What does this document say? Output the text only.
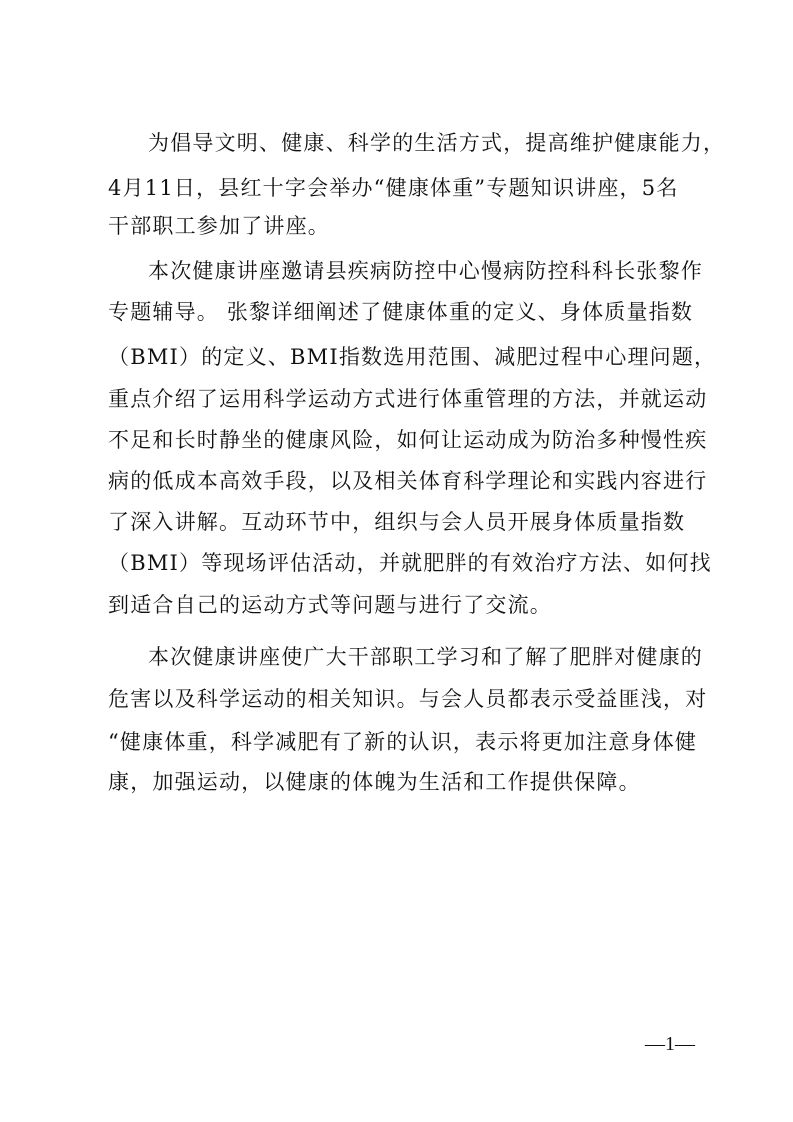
为倡导文明、健康、科学的生活方式，提高维护健康能力，

4月11日，县红十字会举办“健康体重”专题知识讲座，5名

干部职工参加了讲座。

本次健康讲座邀请县疾病防控中心慢病防控科科长张黎作

专题辅导。 张黎详细阐述了健康体重的定义、身体质量指数

（BMI）的定义、BMI指数选用范围、减肥过程中心理问题，

重点介绍了运用科学运动方式进行体重管理的方法，并就运动

不足和长时静坐的健康风险，如何让运动成为防治多种慢性疾

病的低成本高效手段，以及相关体育科学理论和实践内容进行

了深入讲解。互动环节中，组织与会人员开展身体质量指数

（BMI）等现场评估活动，并就肥胖的有效治疗方法、如何找

到适合自己的运动方式等问题与进行了交流。

本次健康讲座使广大干部职工学习和了解了肥胖对健康的

危害以及科学运动的相关知识。与会人员都表示受益匪浅，对

“健康体重，科学减肥有了新的认识，表示将更加注意身体健

康，加强运动，以健康的体魄为生活和工作提供保障。

—1—
